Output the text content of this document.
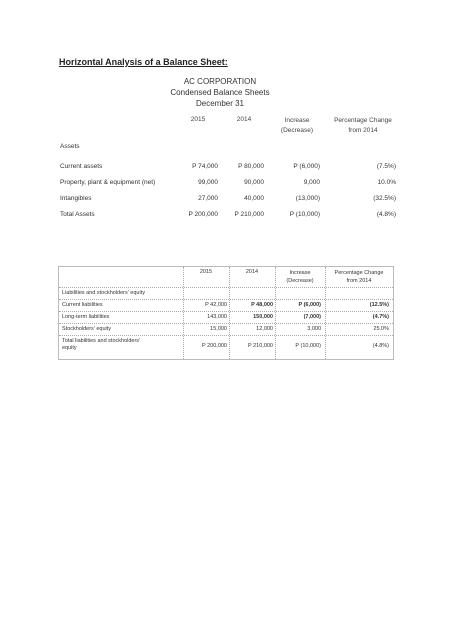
Horizontal Analysis of a Balance Sheet:
AC CORPORATION
Condensed Balance Sheets
December 31
2015	2014	Increase
(Decrease)
Percentage Change
from 2014
Assets
Current assets	P 74,000	P 80,000	P (6,000)	(7.5%)
Property, plant & equipment (net)	99,000	90,000	9,000	10.0%
Intangibles	27,000	40,000	(13,000)	(32.5%)
Total Assets	P 200,000	P 210,000	P (10,000)	(4.8%)
2015	2014	Increase
(Decrease)
Percentage Change
from 2014
Liabilities and stockholders' equity
Current liabilities	P 42,000	P 48,000	P (6,000)	(12.5%)
Long-term liabilities	143,000	150,000	(7,000)	(4.7%)
Stockholders' equity	15,000	12,000	3,000	25.0%
Total liabilities and stockholders'
equity	P 200,000	P 210,000	P (10,000)	(4.8%)
